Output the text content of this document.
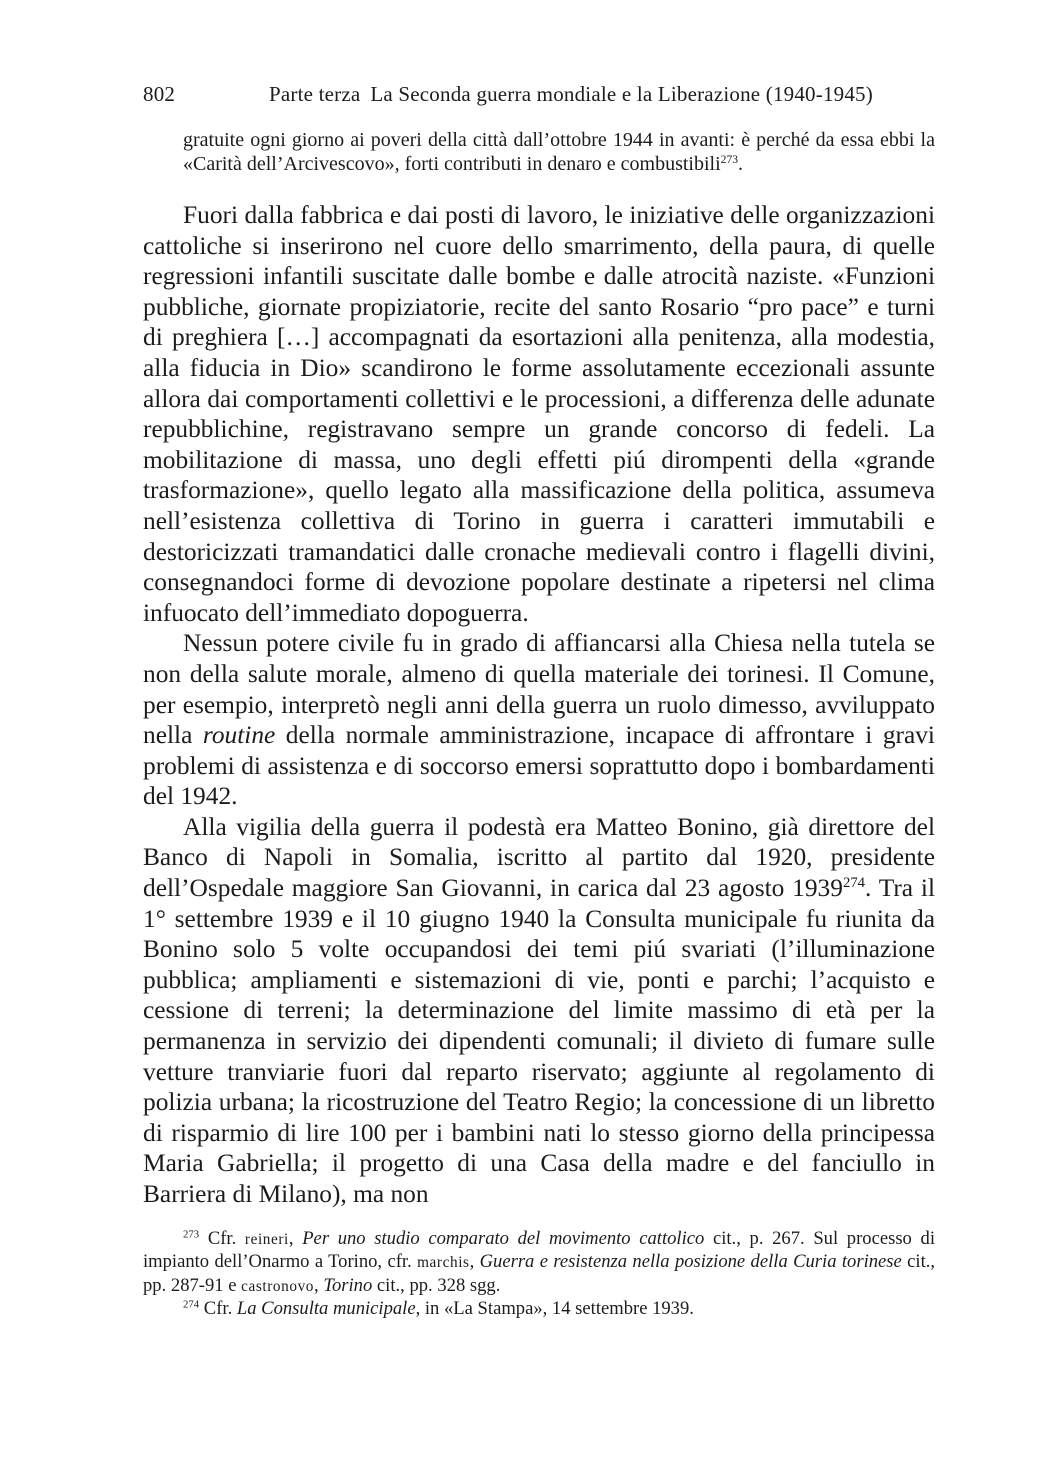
802	Parte terza La Seconda guerra mondiale e la Liberazione (1940-1945)
gratuite ogni giorno ai poveri della città dall’ottobre 1944 in avanti: è perché da essa ebbi la «Carità dell’Arcivescovo», forti contributi in denaro e combustibili$^{273}$.

Fuori dalla fabbrica e dai posti di lavoro, le iniziative delle organizzazioni cattoliche si inserirono nel cuore dello smarrimento, della paura, di quelle regressioni infantili suscitate dalle bombe e dalle atrocità naziste. «Funzioni pubbliche, giornate propiziatorie, recite del santo Rosario “pro pace” e turni di preghiera […] accompagnati da esortazioni alla penitenza, alla modestia, alla fiducia in Dio» scandirono le forme assolutamente eccezionali assunte allora dai comportamenti collettivi e le processioni, a differenza delle adunate repubblichine, registravano sempre un grande concorso di fedeli. La mobilitazione di massa, uno degli effetti piú dirompenti della «grande trasformazione», quello legato alla massificazione della politica, assumeva nell’esistenza collettiva di Torino in guerra i caratteri immutabili e destoricizzati tramandatici dalle cronache medievali contro i flagelli divini, consegnandoci forme di devozione popolare destinate a ripetersi nel clima infuocato dell’immediato dopoguerra.

Nessun potere civile fu in grado di affiancarsi alla Chiesa nella tutela se non della salute morale, almeno di quella materiale dei torinesi. Il Comune, per esempio, interpretò negli anni della guerra un ruolo dimesso, avviluppato nella routine della normale amministrazione, incapace di affrontare i gravi problemi di assistenza e di soccorso emersi soprattutto dopo i bombardamenti del 1942.

Alla vigilia della guerra il podestà era Matteo Bonino, già direttore del Banco di Napoli in Somalia, iscritto al partito dal 1920, presidente dell’Ospedale maggiore San Giovanni, in carica dal 23 agosto 1939$^{274}$. Tra il 1° settembre 1939 e il 10 giugno 1940 la Consulta municipale fu riunita da Bonino solo 5 volte occupandosi dei temi piú svariati (l’illuminazione pubblica; ampliamenti e sistemazioni di vie, ponti e parchi; l’acquisto e cessione di terreni; la determinazione del limite massimo di età per la permanenza in servizio dei dipendenti comunali; il divieto di fumare sulle vetture tranviarie fuori dal reparto riservato; aggiunte al regolamento di polizia urbana; la ricostruzione del Teatro Regio; la concessione di un libretto di risparmio di lire 100 per i bambini nati lo stesso giorno della principessa Maria Gabriella; il progetto di una Casa della madre e del fanciullo in Barriera di Milano), ma non

$^{273}$ Cfr. reineri, Per uno studio comparato del movimento cattolico cit., p. 267. Sul processo di impianto dell’Onarmo a Torino, cfr. marchis, Guerra e resistenza nella posizione della Curia torinese cit., pp. 287-91 e castronovo, Torino cit., pp. 328 sgg.

$^{274}$ Cfr. La Consulta municipale, in «La Stampa», 14 settembre 1939.
